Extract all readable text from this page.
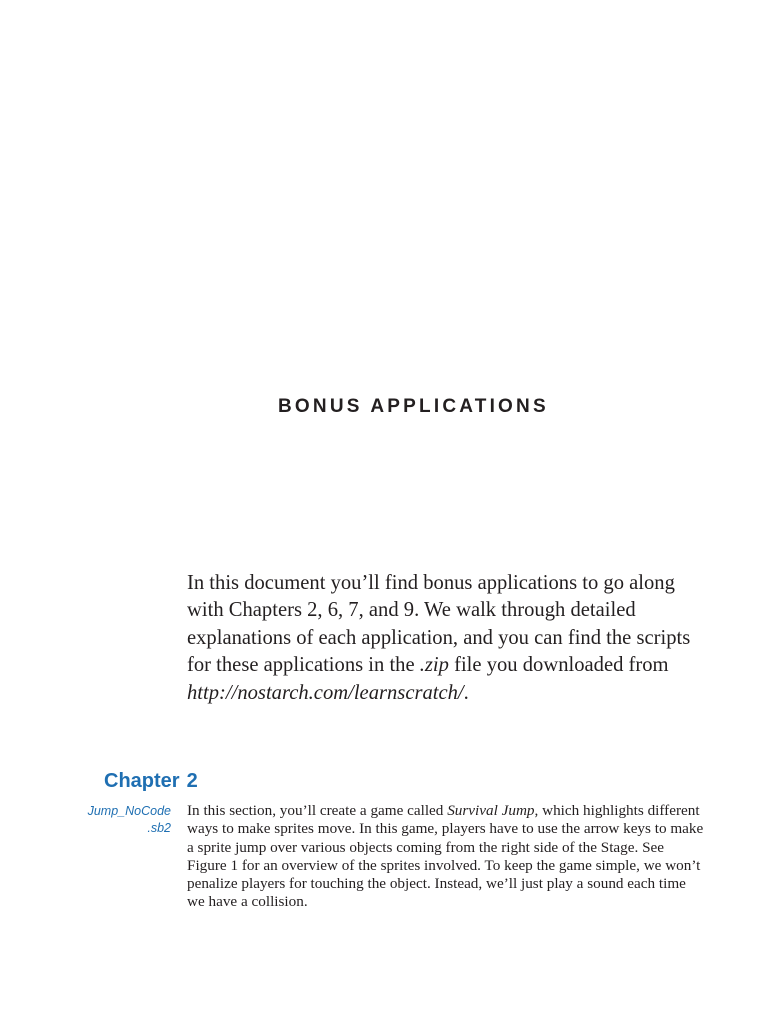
BONUS APPLICATIONS

In this document you’ll find bonus applications to go along with Chapters 2, 6, 7, and 9. We walk through detailed explanations of each application, and you can find the scripts for these applications in the .zip file you downloaded from http://nostarch.com/learnscratch/.

Chapter 2
Jump_NoCode
.sb2

In this section, you’ll create a game called Survival Jump, which highlights different ways to make sprites move. In this game, players have to use the arrow keys to make a sprite jump over various objects coming from the right side of the Stage. See Figure 1 for an overview of the sprites involved. To keep the game simple, we won’t penalize players for touching the object. Instead, we’ll just play a sound each time we have a collision.
